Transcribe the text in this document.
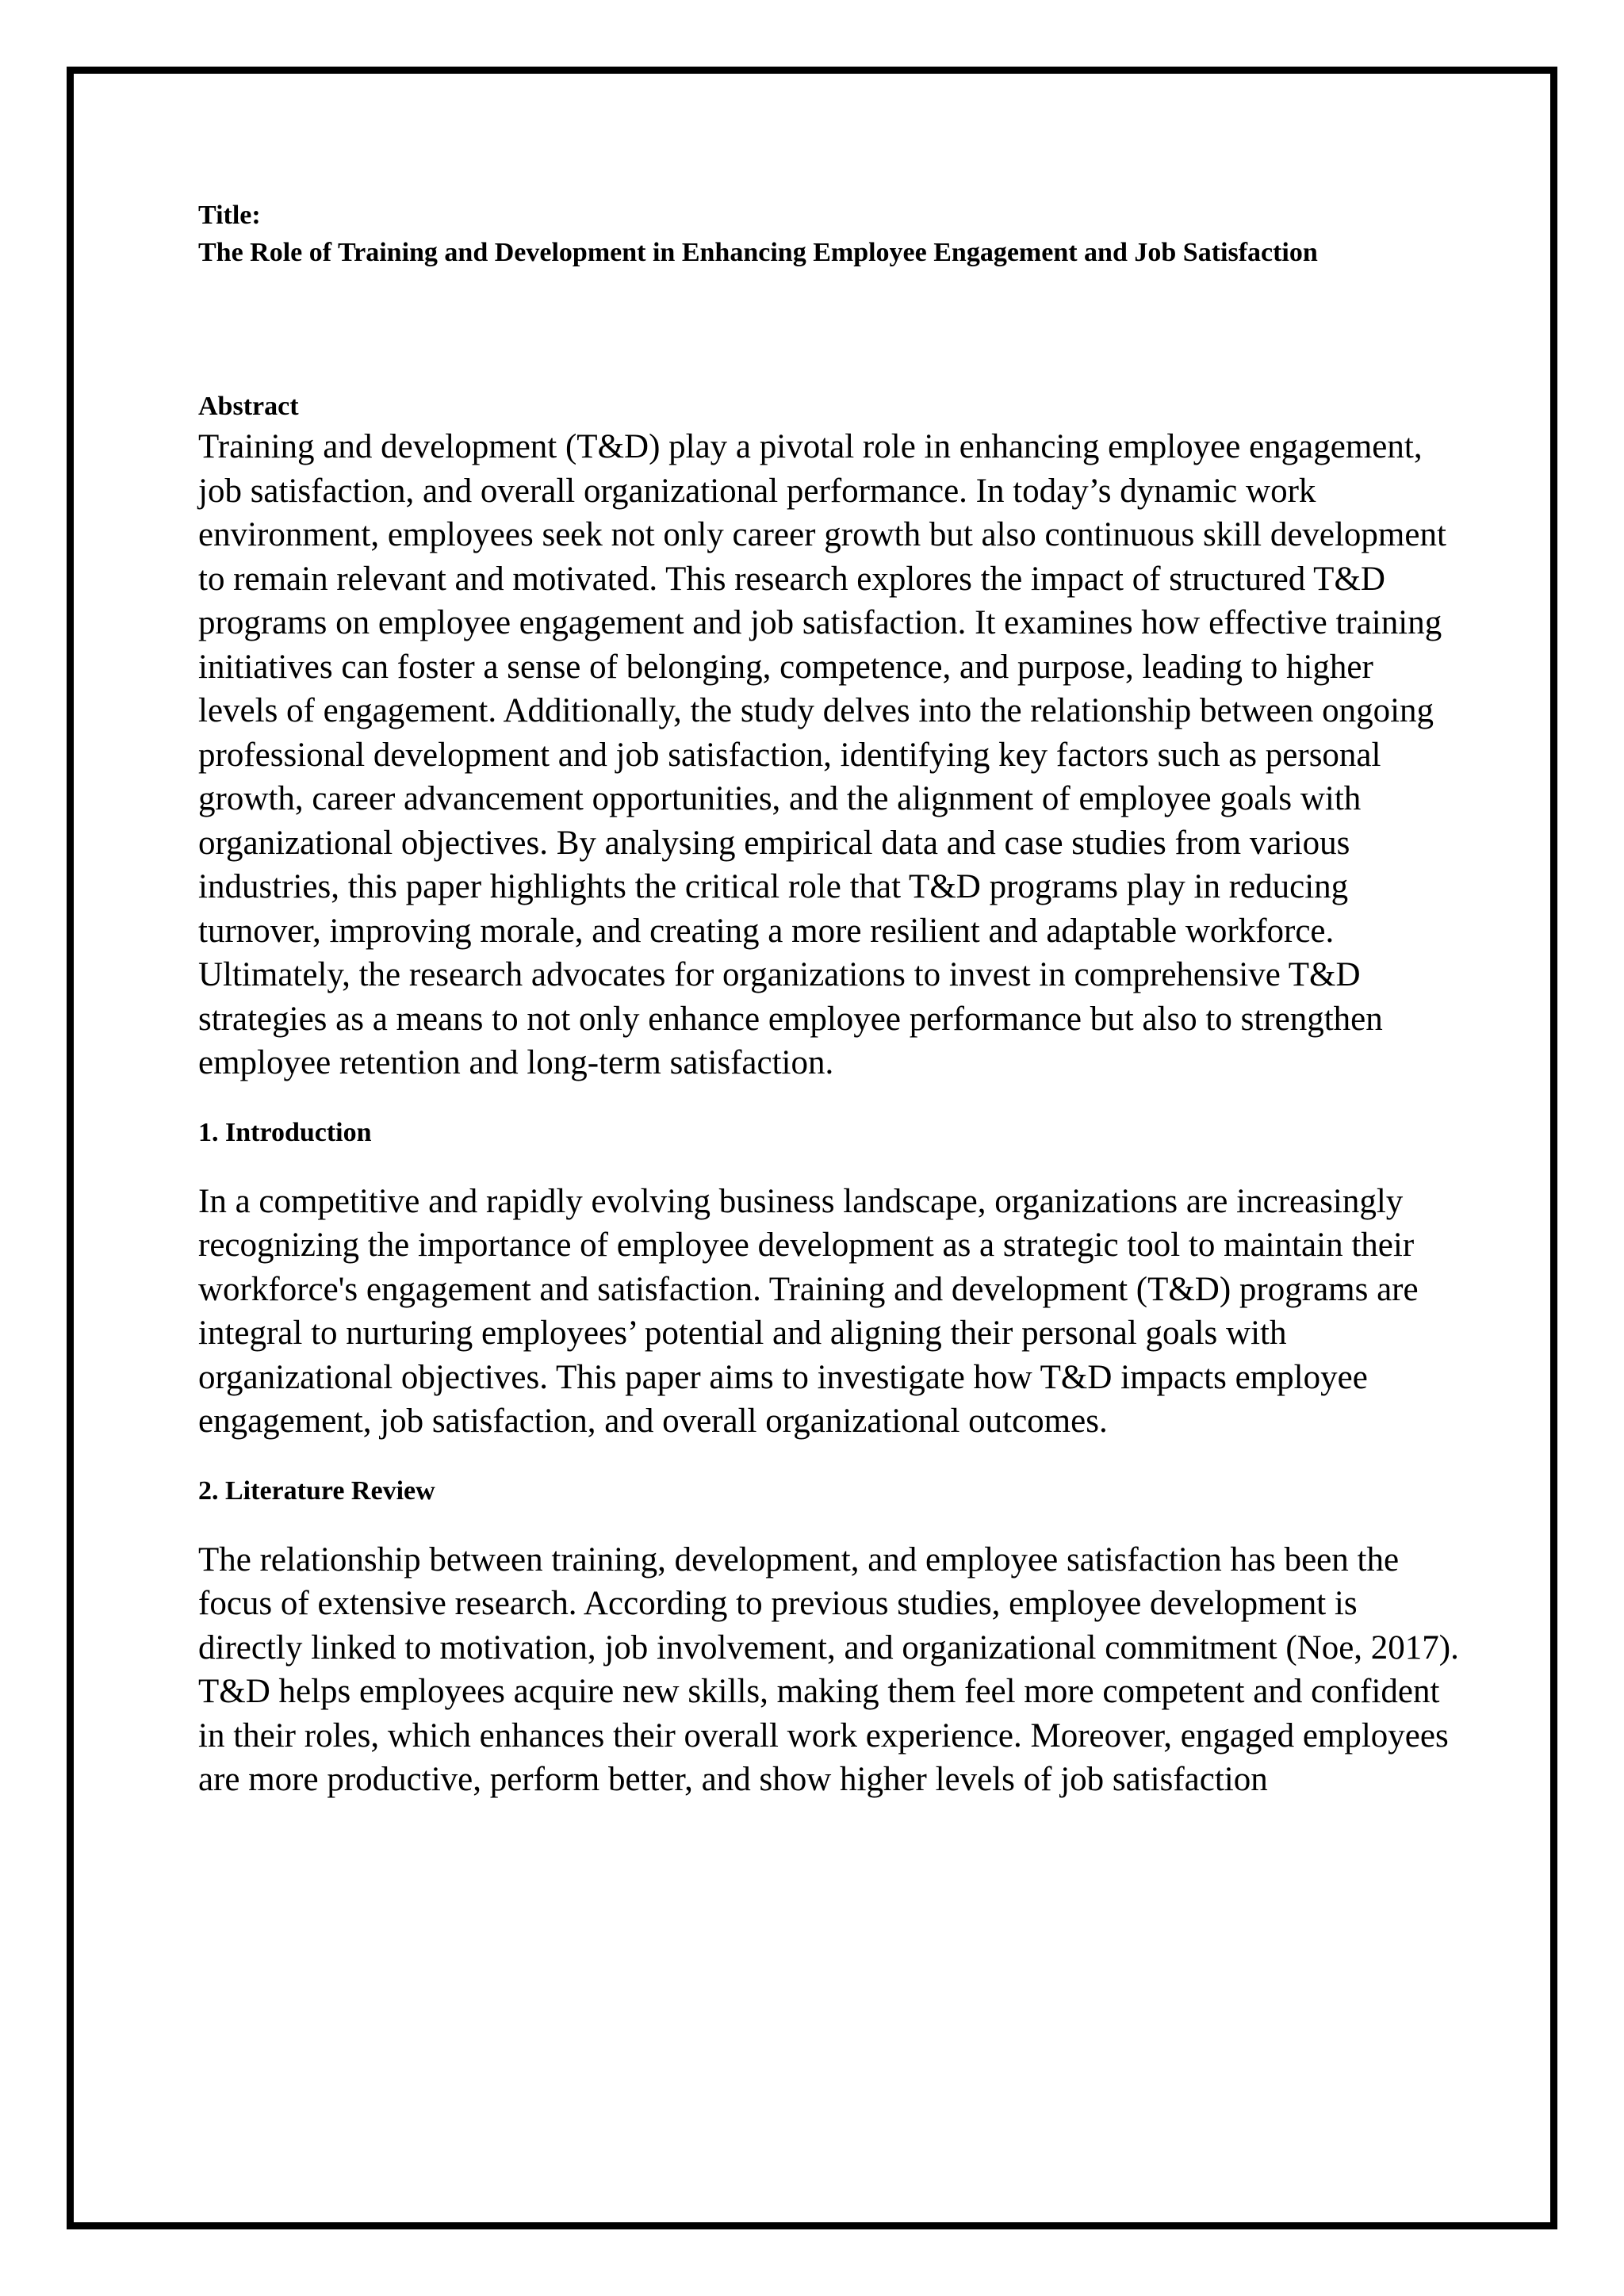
Title:

The Role of Training and Development in Enhancing Employee Engagement and Job Satisfaction

Abstract

Training and development (T&D) play a pivotal role in enhancing employee engagement, job satisfaction, and overall organizational performance. In today’s dynamic work environment, employees seek not only career growth but also continuous skill development to remain relevant and motivated. This research explores the impact of structured T&D programs on employee engagement and job satisfaction. It examines how effective training initiatives can foster a sense of belonging, competence, and purpose, leading to higher levels of engagement. Additionally, the study delves into the relationship between ongoing professional development and job satisfaction, identifying key factors such as personal growth, career advancement opportunities, and the alignment of employee goals with organizational objectives. By analysing empirical data and case studies from various industries, this paper highlights the critical role that T&D programs play in reducing turnover, improving morale, and creating a more resilient and adaptable workforce. Ultimately, the research advocates for organizations to invest in comprehensive T&D strategies as a means to not only enhance employee performance but also to strengthen employee retention and long-term satisfaction.

1. Introduction

In a competitive and rapidly evolving business landscape, organizations are increasingly recognizing the importance of employee development as a strategic tool to maintain their workforce's engagement and satisfaction. Training and development (T&D) programs are integral to nurturing employees’ potential and aligning their personal goals with organizational objectives. This paper aims to investigate how T&D impacts employee engagement, job satisfaction, and overall organizational outcomes.

2. Literature Review

The relationship between training, development, and employee satisfaction has been the focus of extensive research. According to previous studies, employee development is directly linked to motivation, job involvement, and organizational commitment (Noe, 2017). T&D helps employees acquire new skills, making them feel more competent and confident in their roles, which enhances their overall work experience. Moreover, engaged employees are more productive, perform better, and show higher levels of job satisfaction
